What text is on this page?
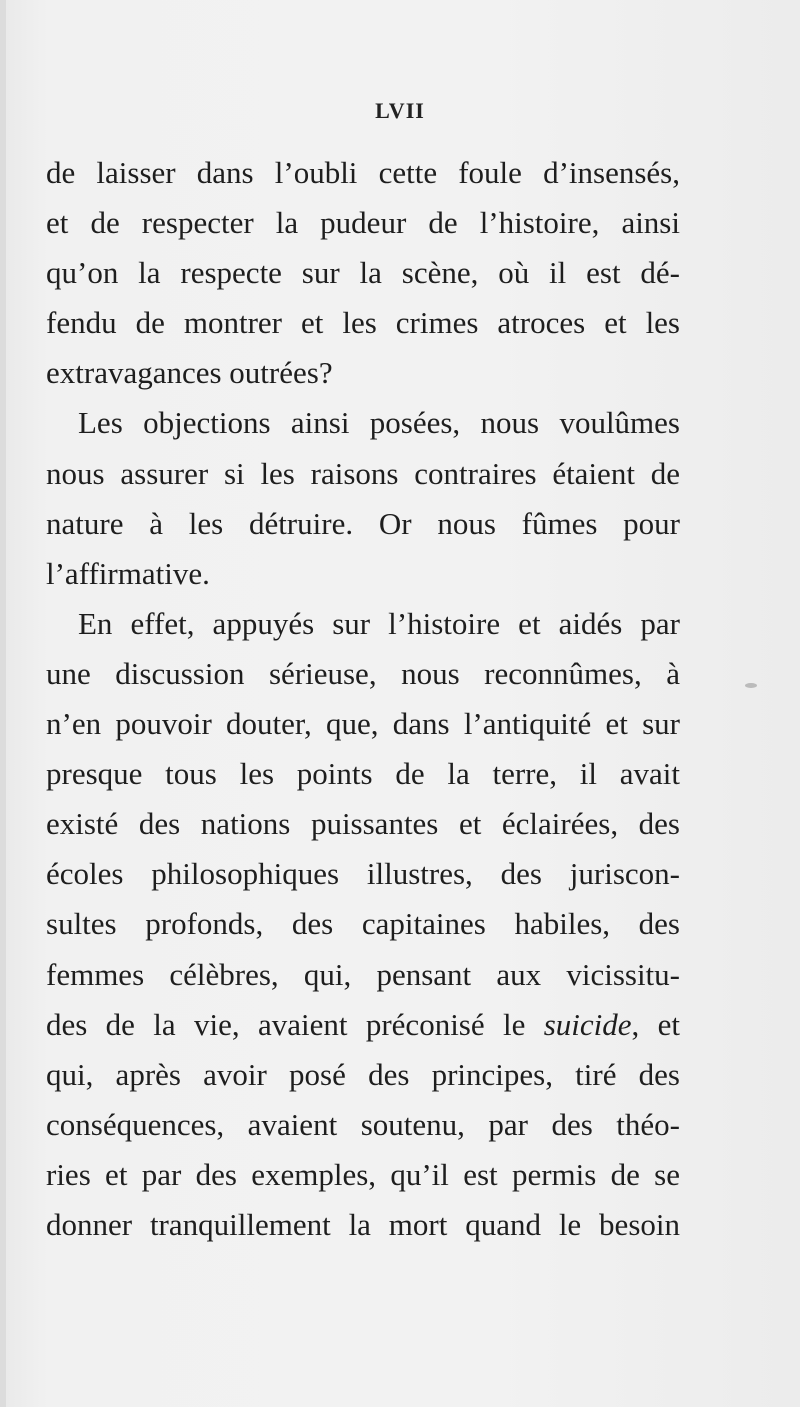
LVII
de laisser dans l’oubli cette foule d’insensés,
et de respecter la pudeur de l’histoire, ainsi
qu’on la respecte sur la scène, où il est dé-
fendu de montrer et les crimes atroces et les
extravagances outrées?
Les objections ainsi posées, nous voulûmes
nous assurer si les raisons contraires étaient de
nature à les détruire. Or nous fûmes pour
l’affirmative.
En effet, appuyés sur l’histoire et aidés par
une discussion sérieuse, nous reconnûmes, à
n’en pouvoir douter, que, dans l’antiquité et sur
presque tous les points de la terre, il avait
existé des nations puissantes et éclairées, des
écoles philosophiques illustres, des juriscon-
sultes profonds, des capitaines habiles, des
femmes célèbres, qui, pensant aux vicissitu-
des de la vie, avaient préconisé le suicide, et
qui, après avoir posé des principes, tiré des
conséquences, avaient soutenu, par des théo-
ries et par des exemples, qu’il est permis de se
donner tranquillement la mort quand le besoin
